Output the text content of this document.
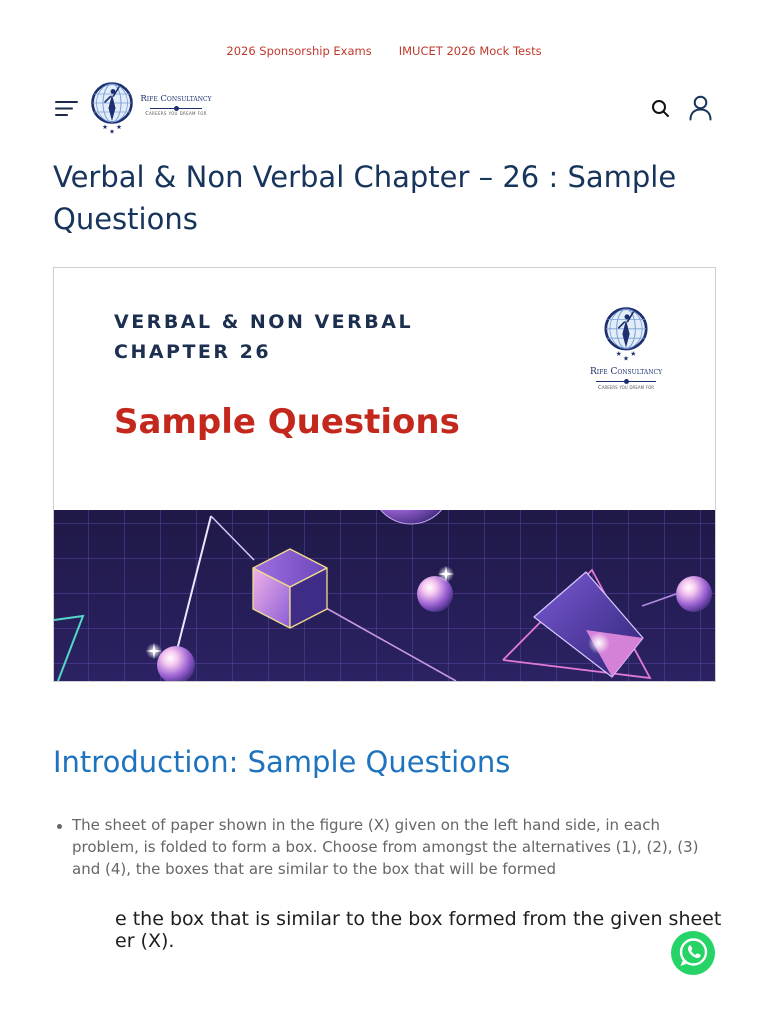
2026 Sponsorship Exams IMUCET 2026 Mock Tests
Rife Consultancy
Careers you dream for
Verbal & Non Verbal Chapter – 26 : Sample Questions
VERBAL & NON VERBAL
CHAPTER 26
Sample Questions
Rife Consultancy
Careers you dream for
Introduction: Sample Questions
The sheet of paper shown in the figure (X) given on the left hand side, in each problem, is folded to form a box. Choose from amongst the alternatives (1), (2), (3) and (4), the boxes that are similar to the box that will be formed
e the box that is similar to the box formed from the given sheet
er (X).
